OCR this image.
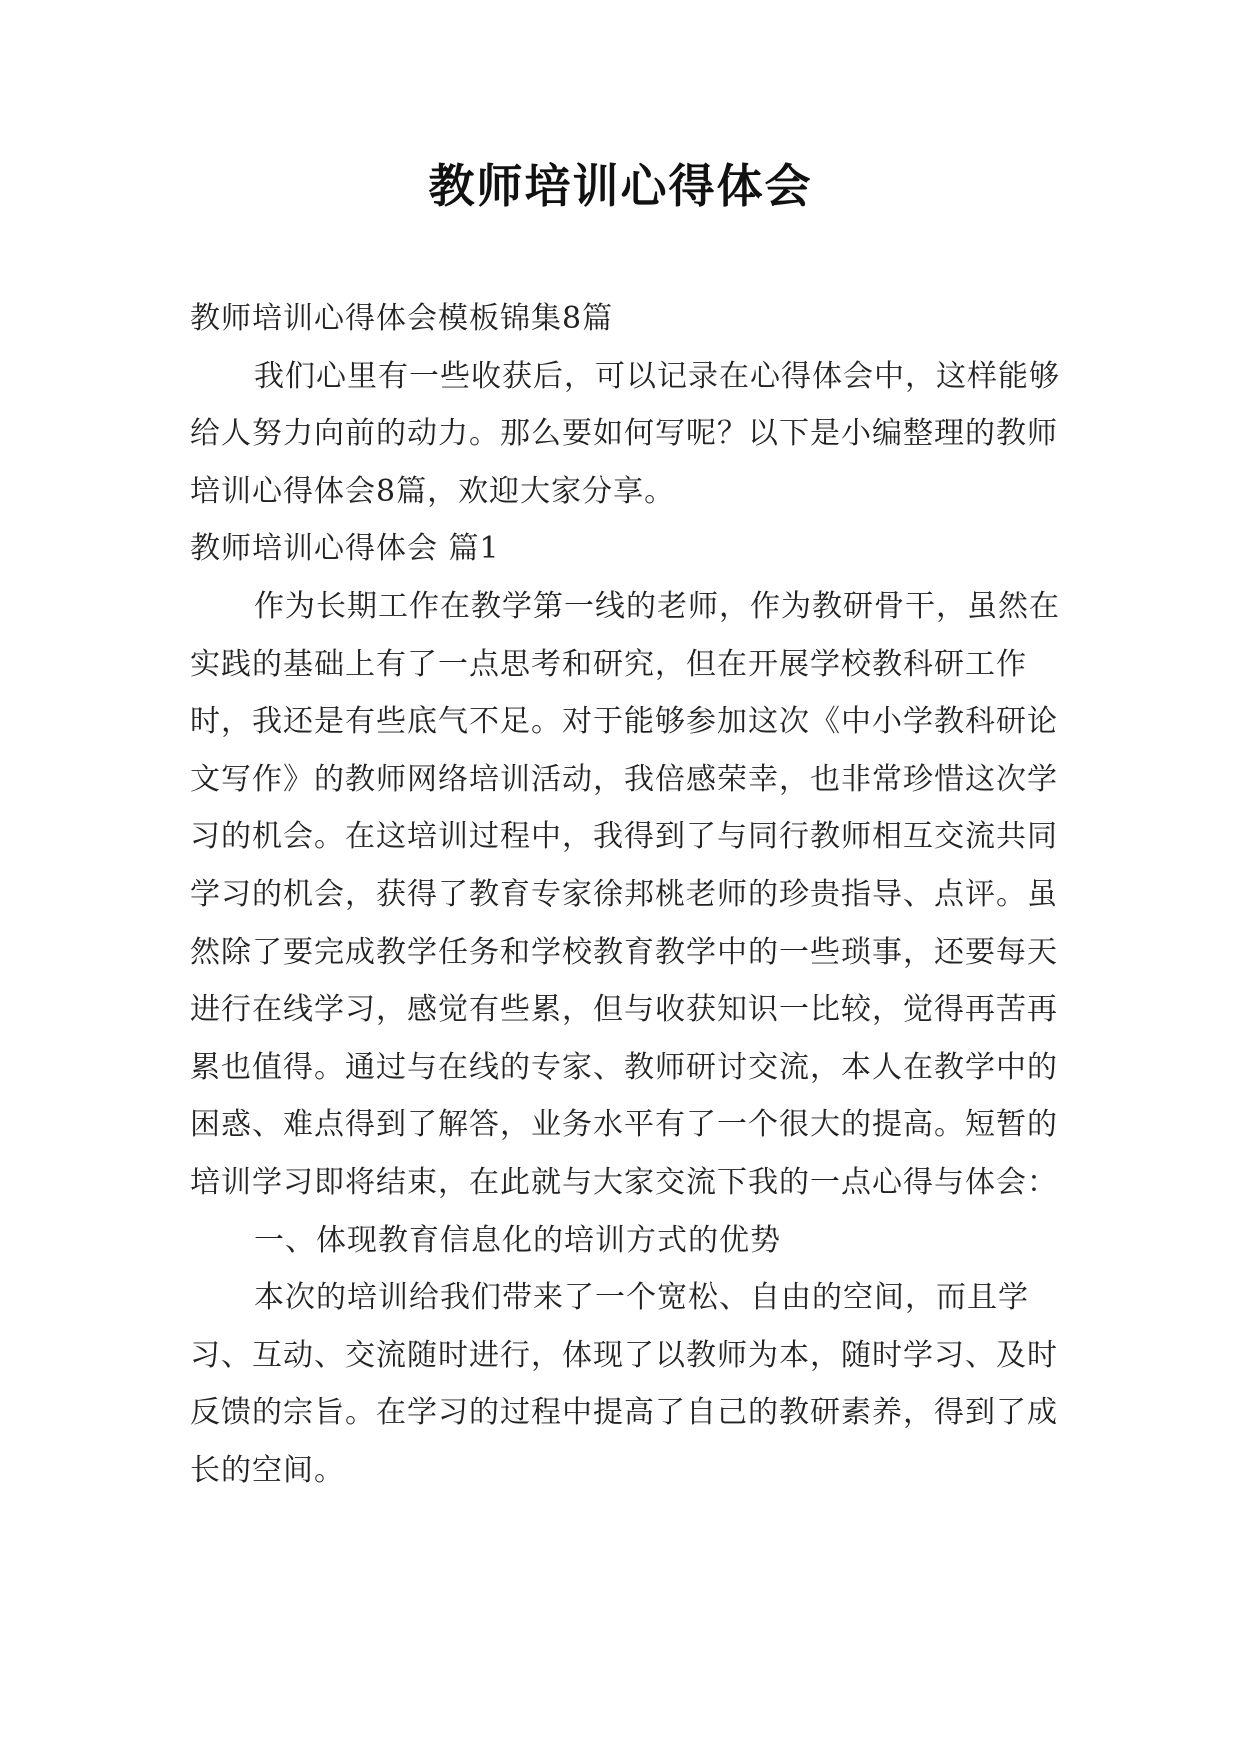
教师培训心得体会

教师培训心得体会模板锦集8篇

我们心里有一些收获后，可以记录在心得体会中，这样能够给人努力向前的动力。那么要如何写呢？以下是小编整理的教师培训心得体会8篇，欢迎大家分享。

教师培训心得体会 篇1

作为长期工作在教学第一线的老师，作为教研骨干，虽然在实践的基础上有了一点思考和研究，但在开展学校教科研工作时，我还是有些底气不足。对于能够参加这次《中小学教科研论文写作》的教师网络培训活动，我倍感荣幸，也非常珍惜这次学习的机会。在这培训过程中，我得到了与同行教师相互交流共同学习的机会，获得了教育专家徐邦桃老师的珍贵指导、点评。虽然除了要完成教学任务和学校教育教学中的一些琐事，还要每天进行在线学习，感觉有些累，但与收获知识一比较，觉得再苦再累也值得。通过与在线的专家、教师研讨交流，本人在教学中的困惑、难点得到了解答，业务水平有了一个很大的提高。短暂的培训学习即将结束，在此就与大家交流下我的一点心得与体会：

一、体现教育信息化的培训方式的优势

本次的培训给我们带来了一个宽松、自由的空间，而且学习、互动、交流随时进行，体现了以教师为本，随时学习、及时反馈的宗旨。在学习的过程中提高了自己的教研素养，得到了成长的空间。
